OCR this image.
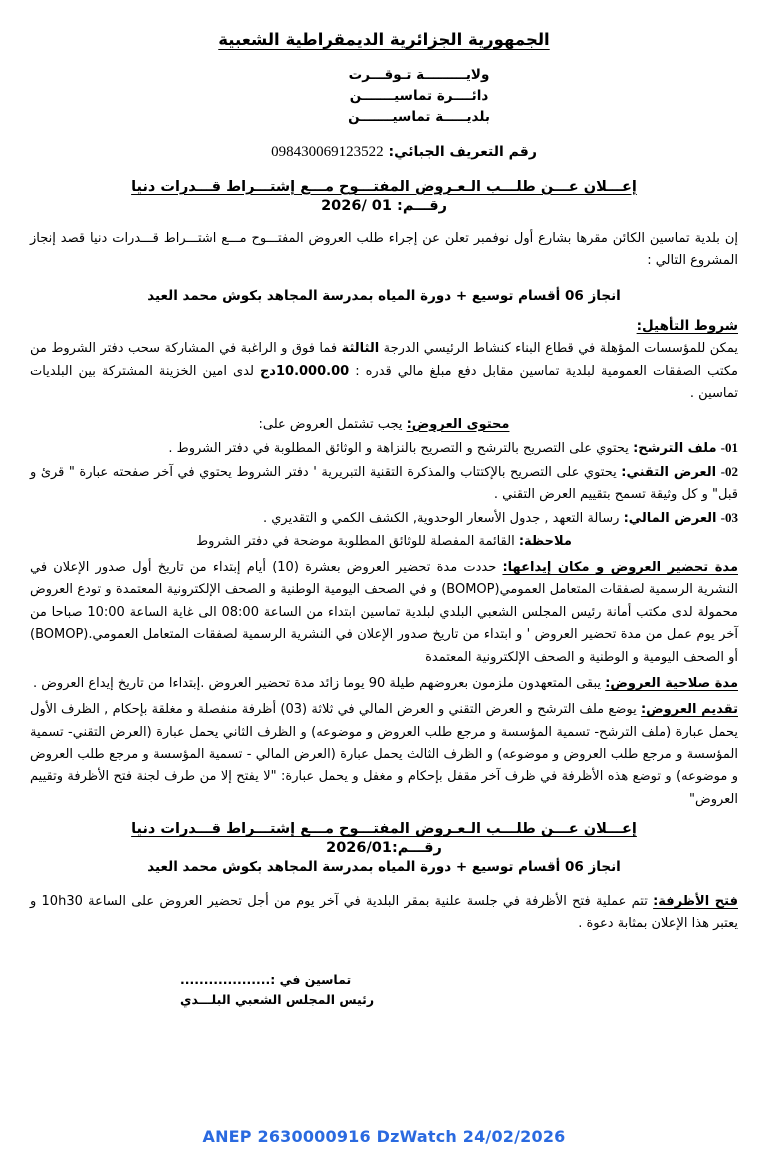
الجمهورية الجزائرية الديمقراطية الشعبية
ولايـــــــــة تـوقـــرت
دائــــرة تماسيـــــــن
بلديـــــة تماسيـــــــن
رقم التعريف الجبائي: 098430069123522
إعـــلان عـــن طلـــب الـعـروض المفتـــوح مـــع إشتـــراط قـــدرات دنيا
رقـــم: 01 /2026
إن بلدية تماسين الكائن مقرها بشارع أول نوفمبر تعلن عن إجراء طلب العروض المفتـــوح مـــع اشتـــراط قـــدرات دنيا قصد إنجاز المشروع التالي :
انجاز 06 أقسام توسيع + دورة المياه بمدرسة المجاهد بكوش محمد العيد
شروط التأهيل:
يمكن للمؤسسات المؤهلة في قطاع البناء كنشاط الرئيسي الدرجة الثالثة فما فوق و الراغبة في المشاركة سحب دفتر الشروط من مكتب الصفقات العمومية لبلدية تماسين مقابل دفع مبلغ مالي قدره : 10.000.00دج لدى امين الخزينة المشتركة بين البلديات تماسين .
محتوى العروض: يجب تشتمل العروض على:
01- ملف الترشح: يحتوي على التصريح بالترشح و التصريح بالنزاهة و الوثائق المطلوبة في دفتر الشروط .
02- العرض التقني: يحتوي على التصريح بالإكتتاب والمذكرة التقنية التبريرية ' دفتر الشروط يحتوي في آخر صفحته عبارة " قرئ و قبل" و كل وثيقة تسمح بتقييم العرض التقني .
03- العرض المالي: رسالة التعهد , جدول الأسعار الوحدوية, الكشف الكمي و التقديري .
ملاحظة: القائمة المفصلة للوثائق المطلوبة موضحة في دفتر الشروط
مدة تحضير العروض و مكان إيداعها: حددت مدة تحضير العروض بعشرة (10) أيام إبتداء من تاريخ أول صدور الإعلان في النشرية الرسمية لصفقات المتعامل العمومي(BOMOP) و في الصحف اليومية الوطنية و الصحف الإلكترونية المعتمدة و تودع العروض محمولة لدى مكتب أمانة رئيس المجلس الشعبي البلدي لبلدية تماسين ابتداء من الساعة 08:00 الى غاية الساعة 10:00 صباحا من آخر يوم عمل من مدة تحضير العروض ' و ابتداء من تاريخ صدور الإعلان في النشرية الرسمية لصفقات المتعامل العمومي.(BOMOP) أو الصحف اليومية و الوطنية و الصحف الإلكترونية المعتمدة
مدة صلاحية العروض: يبقى المتعهدون ملزمون بعروضهم طيلة 90 يوما زائد مدة تحضير العروض .إبتداءا من تاريخ إيداع العروض .
تقديم العروض: يوضع ملف الترشح و العرض التقني و العرض المالي في ثلاثة (03) أظرفة منفصلة و مغلقة بإحكام , الظرف الأول يحمل عبارة (ملف الترشح- تسمية المؤسسة و مرجع طلب العروض و موضوعه) و الظرف الثاني يحمل عبارة (العرض التقني- تسمية المؤسسة و مرجع طلب العروض و موضوعه) و الظرف الثالث يحمل عبارة (العرض المالي - تسمية المؤسسة و مرجع طلب العروض و موضوعه) و توضع هذه الأظرفة في ظرف آخر مقفل بإحكام و مغفل و يحمل عبارة: "لا يفتح إلا من طرف لجنة فتح الأظرفة وتقييم العروض"
إعـــلان عـــن طلـــب الـعـروض المفتـــوح مـــع إشتـــراط قـــدرات دنيا
رقـــم:2026/01
انجاز 06 أقسام توسيع + دورة المياه بمدرسة المجاهد بكوش محمد العيد
فتح الأظرفة: تتم عملية فتح الأظرفة في جلسة علنية بمقر البلدية في آخر يوم من أجل تحضير العروض على الساعة 10h30 و يعتبر هذا الإعلان بمثابة دعوة .
تماسين في :...................
رئيس المجلس الشعبي البلـــدي
ANEP 2630000916 DzWatch 24/02/2026
